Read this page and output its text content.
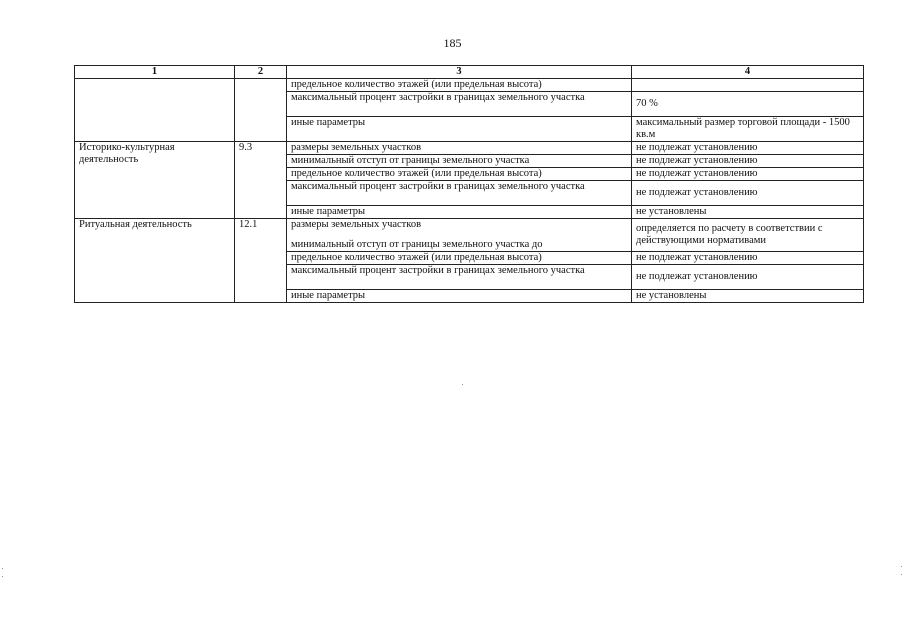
185
1	2	3	4
		предельное количество этажей (или предельная высота)	
		максимальный процент застройки в границах земельного участка	70 %
		иные параметры	максимальный размер торговой площади - 1500 кв.м
Историко-культурная деятельность	9.3	размеры земельных участков	не подлежат установлению
		минимальный отступ от границы земельного участка	не подлежат установлению
		предельное количество этажей (или предельная высота)	не подлежат установлению
		максимальный процент застройки в границах земельного участка	не подлежат установлению
		иные параметры	не установлены
Ритуальная деятельность	12.1	размеры земельных участков	определяется по расчету в соответствии с действующими нормативами
		минимальный отступ от границы земельного участка до	
		предельное количество этажей (или предельная высота)	не подлежат установлению
		максимальный процент застройки в границах земельного участка	не подлежат установлению
		иные параметры	не установлены
